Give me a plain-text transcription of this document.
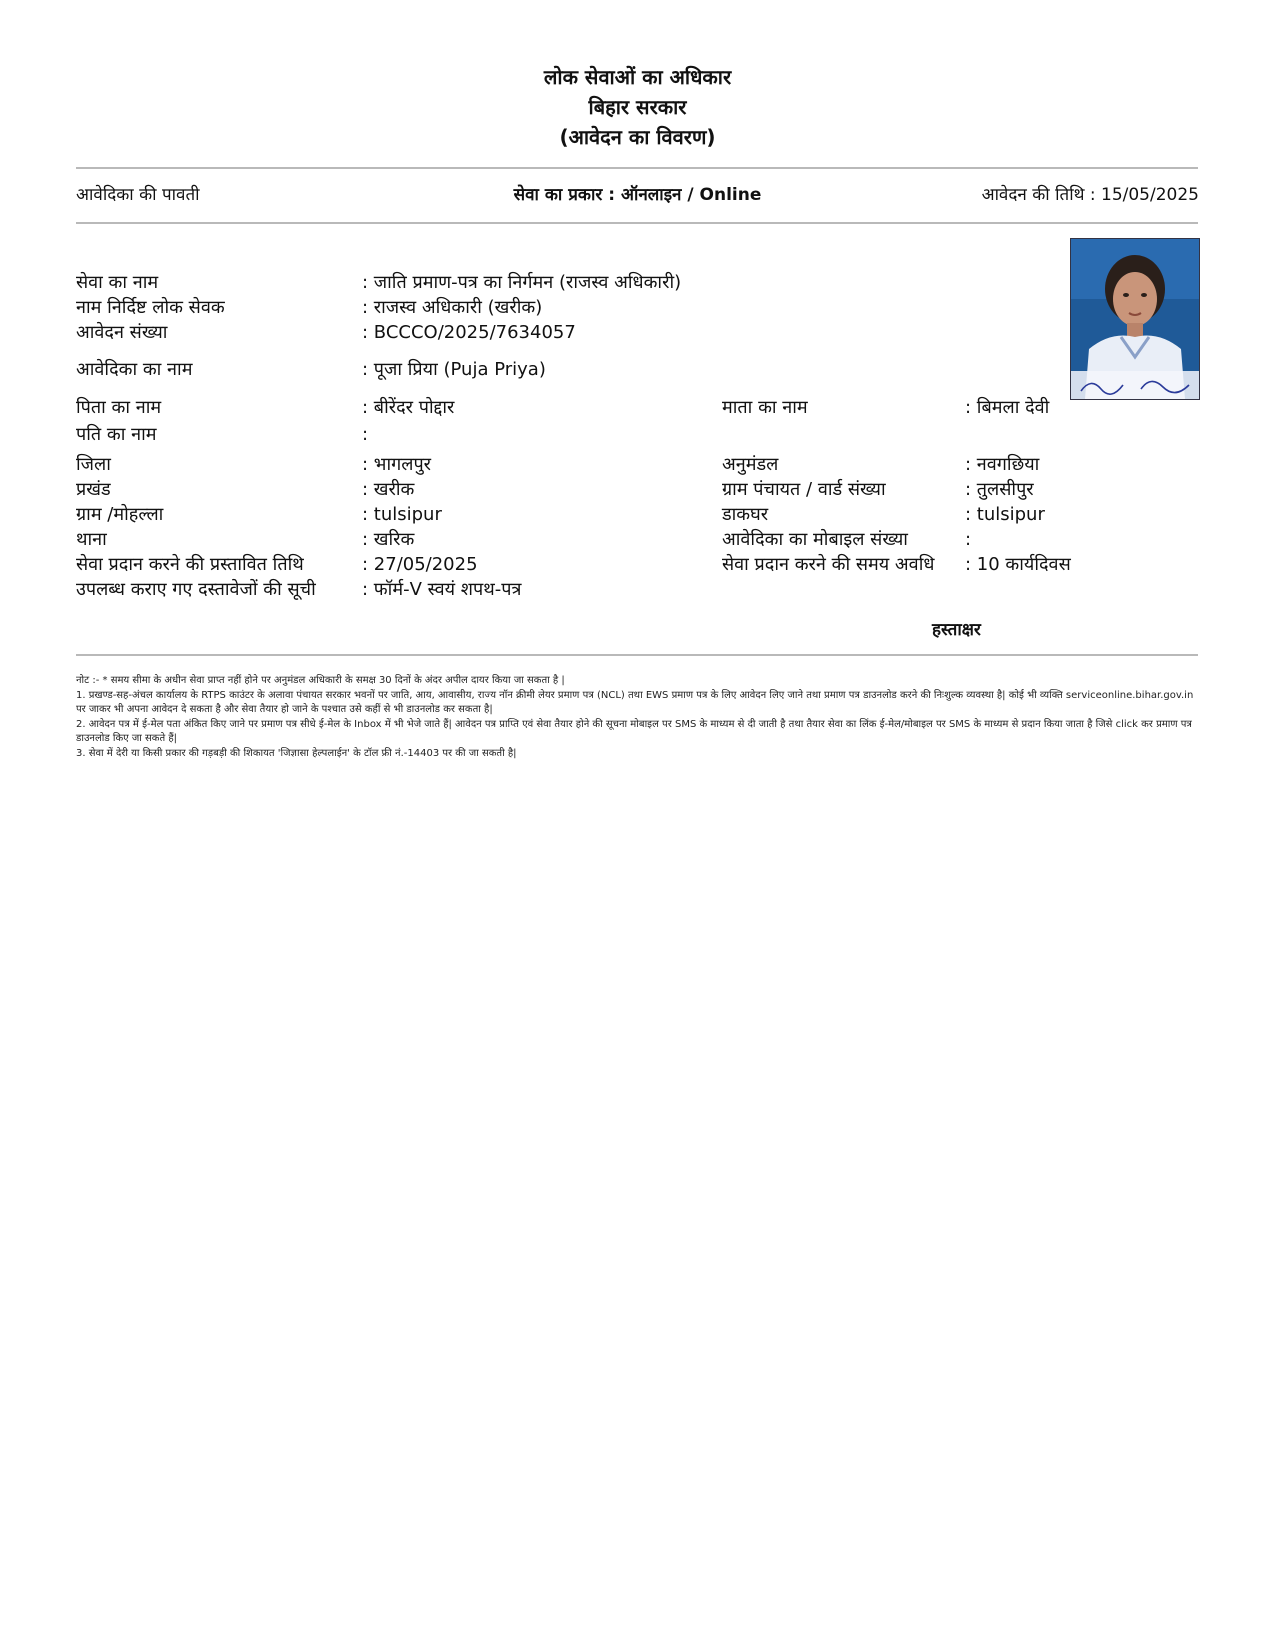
लोक सेवाओं का अधिकार
बिहार सरकार
(आवेदन का विवरण)
आवेदिका की पावती	सेवा का प्रकार : ऑनलाइन / Online	आवेदन की तिथि : 15/05/2025
सेवा का नाम	: जाति प्रमाण-पत्र का निर्गमन (राजस्व अधिकारी)
नाम निर्दिष्ट लोक सेवक	: राजस्व अधिकारी (खरीक)
आवेदन संख्या	: BCCCO/2025/7634057
आवेदिका का नाम	: पूजा प्रिया (Puja Priya)
पिता का नाम	: बीरेंदर पोद्दार	माता का नाम	: बिमला देवी
पति का नाम	:
जिला	: भागलपुर	अनुमंडल	: नवगछिया
प्रखंड	: खरीक	ग्राम पंचायत / वार्ड संख्या	: तुलसीपुर
ग्राम /मोहल्ला	: tulsipur	डाकघर	: tulsipur
थाना	: खरिक	आवेदिका का मोबाइल संख्या	:
सेवा प्रदान करने की प्रस्तावित तिथि	: 27/05/2025	सेवा प्रदान करने की समय अवधि : 10 कार्यदिवस
उपलब्ध कराए गए दस्तावेजों की सूची	: फॉर्म-V स्वयं शपथ-पत्र
हस्ताक्षर
नोट :- * समय सीमा के अधीन सेवा प्राप्त नहीं होने पर अनुमंडल अधिकारी के समक्ष 30 दिनों के अंदर अपील दायर किया जा सकता है |
1. प्रखण्ड-सह-अंचल कार्यालय के RTPS काउंटर के अलावा पंचायत सरकार भवनों पर जाति, आय, आवासीय, राज्य नॉन क्रीमी लेयर प्रमाण पत्र (NCL) तथा EWS प्रमाण पत्र के लिए आवेदन लिए जाने तथा प्रमाण पत्र डाउनलोड करने की निःशुल्क व्यवस्था है| कोई भी व्यक्ति serviceonline.bihar.gov.in पर जाकर भी अपना आवेदन दे सकता है और सेवा तैयार हो जाने के पश्चात उसे कहीं से भी डाउनलोड कर सकता है|
2. आवेदन पत्र में ई-मेल पता अंकित किए जाने पर प्रमाण पत्र सीधे ई-मेल के Inbox में भी भेजे जाते हैं| आवेदन पत्र प्राप्ति एवं सेवा तैयार होने की सूचना मोबाइल पर SMS के माध्यम से दी जाती है तथा तैयार सेवा का लिंक ई-मेल/मोबाइल पर SMS के माध्यम से प्रदान किया जाता है जिसे click कर प्रमाण पत्र डाउनलोड किए जा सकते हैं|
3. सेवा में देरी या किसी प्रकार की गड़बड़ी की शिकायत 'जिज्ञासा हेल्पलाईन' के टॉल फ्री नं.-14403 पर की जा सकती है|
